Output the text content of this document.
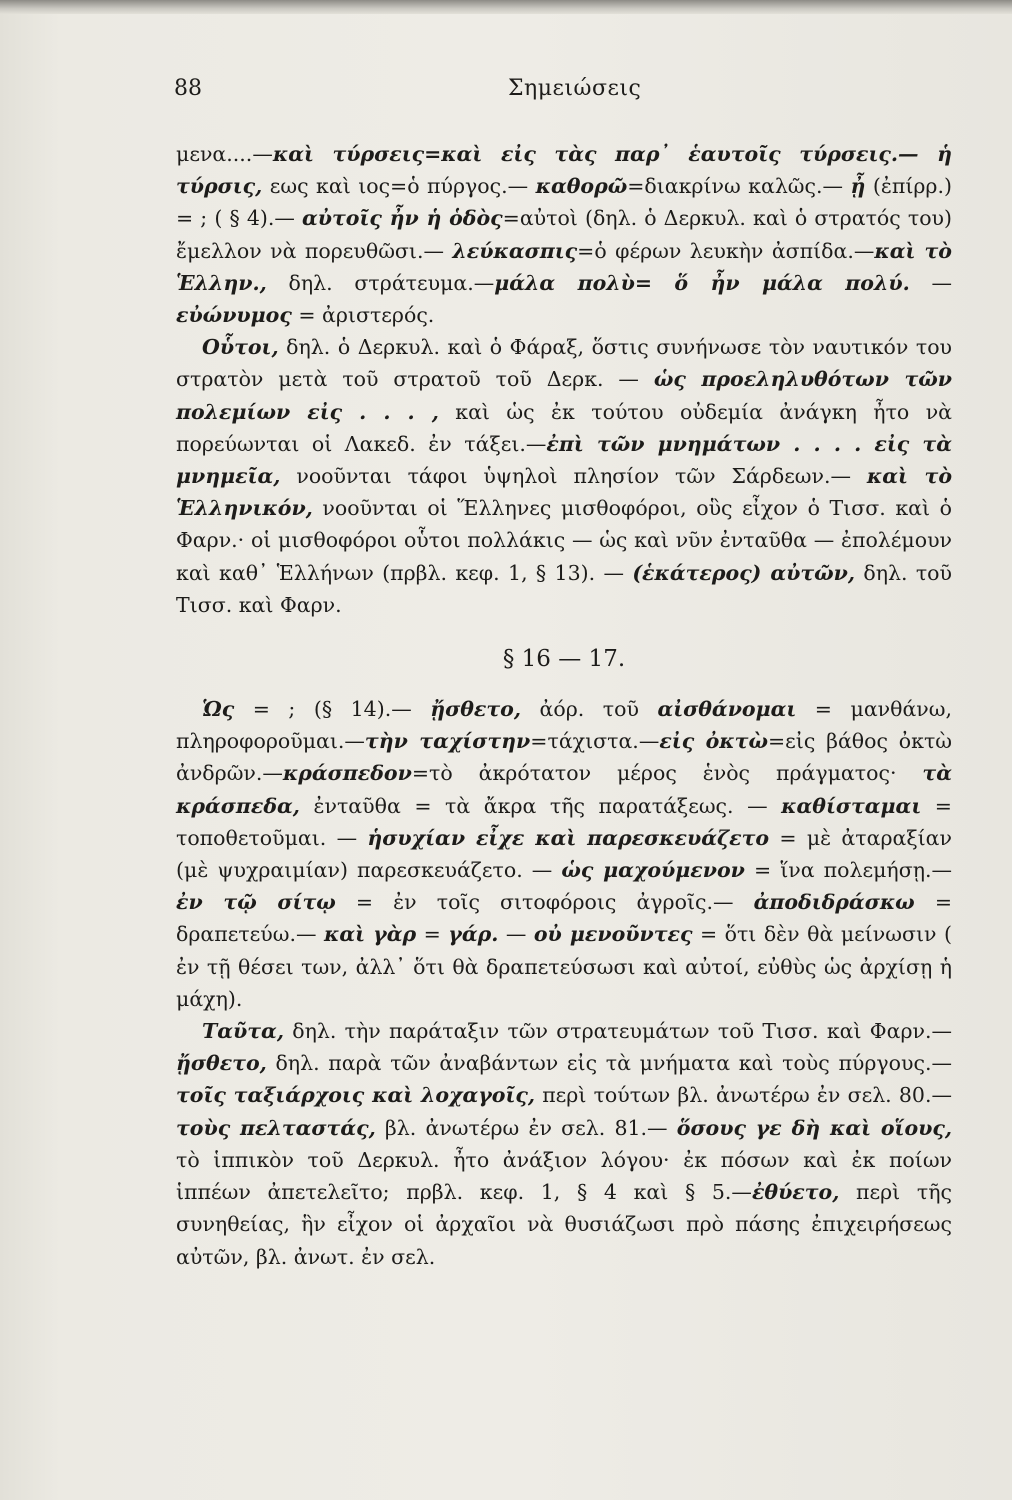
88	Σημειώσεις

μενα....—καὶ τύρσεις=καὶ εἰς τὰς παρ᾿ ἑαυτοῖς τύρσεις.— ἡ τύρσις, εως καὶ ιος=ὁ πύργος.— καθορῶ=διακρίνω καλῶς.— ᾖ (ἐπίρρ.) = ; ( § 4).— αὐτοῖς ἦν ἡ ὁδὸς=αὐτοὶ (δηλ. ὁ Δερκυλ. καὶ ὁ στρατός του) ἔμελλον νὰ πορευθῶσι.— λεύκασπις=ὁ φέρων λευκὴν ἀσπίδα.—καὶ τὸ Ἑλλην., δηλ. στράτευμα.—μάλα πολὺ= ὅ ἦν μάλα πολύ. — εὐώνυμος = ἀριστερός.

Οὗτοι, δηλ. ὁ Δερκυλ. καὶ ὁ Φάραξ, ὅστις συνήνωσε τὸν ναυτικόν του στρατὸν μετὰ τοῦ στρατοῦ τοῦ Δερκ. — ὡς προεληλυθότων τῶν πολεμίων εἰς . . . , καὶ ὡς ἐκ τούτου οὐδεμία ἀνάγκη ἦτο νὰ πορεύωνται οἱ Λακεδ. ἐν τάξει.—ἐπὶ τῶν μνημάτων . . . . εἰς τὰ μνημεῖα, νοοῦνται τάφοι ὑψηλοὶ πλησίον τῶν Σάρδεων.— καὶ τὸ Ἑλληνικόν, νοοῦνται οἱ Ἕλληνες μισθοφόροι, οὓς εἶχον ὁ Τισσ. καὶ ὁ Φαρν.· οἱ μισθοφόροι οὗτοι πολλάκις — ὡς καὶ νῦν ἐνταῦθα — ἐπολέμουν καὶ καθ᾿ Ἑλλήνων (πρβλ. κεφ. 1, § 13). — (ἑκάτερος) αὐτῶν, δηλ. τοῦ Τισσ. καὶ Φαρν.

§ 16 — 17.

Ὡς = ; (§ 14).— ᾔσθετο, ἀόρ. τοῦ αἰσθάνομαι = μανθάνω, πληροφοροῦμαι.—τὴν ταχίστην=τάχιστα.—εἰς ὀκτὼ=εἰς βάθος ὀκτὼ ἀνδρῶν.—κράσπεδον=τὸ ἀκρότατον μέρος ἑνὸς πράγματος· τὰ κράσπεδα, ἐνταῦθα = τὰ ἄκρα τῆς παρατάξεως. — καθίσταμαι = τοποθετοῦμαι. — ἡσυχίαν εἶχε καὶ παρεσκευάζετο = μὲ ἀταραξίαν (μὲ ψυχραιμίαν) παρεσκευάζετο. — ὡς μαχούμενον = ἵνα πολεμήσῃ.—ἐν τῷ σίτῳ = ἐν τοῖς σιτοφόροις ἀγροῖς.— ἀποδιδράσκω = δραπετεύω.— καὶ γὰρ = γάρ. — οὐ μενοῦντες = ὅτι δὲν θὰ μείνωσιν ( ἐν τῇ θέσει των, ἀλλ᾿ ὅτι θὰ δραπετεύσωσι καὶ αὐτοί, εὐθὺς ὡς ἀρχίσῃ ἡ μάχη).

Ταῦτα, δηλ. τὴν παράταξιν τῶν στρατευμάτων τοῦ Τισσ. καὶ Φαρν.—ᾔσθετο, δηλ. παρὰ τῶν ἀναβάντων εἰς τὰ μνήματα καὶ τοὺς πύργους.—τοῖς ταξιάρχοις καὶ λοχαγοῖς, περὶ τούτων βλ. ἀνωτέρω ἐν σελ. 80.—τοὺς πελταστάς, βλ. ἀνωτέρω ἐν σελ. 81.— ὅσους γε δὴ καὶ οἵους, τὸ ἱππικὸν τοῦ Δερκυλ. ἦτο ἀνάξιον λόγου· ἐκ πόσων καὶ ἐκ ποίων ἱππέων ἀπετελεῖτο; πρβλ. κεφ. 1, § 4 καὶ § 5.—ἐθύετο, περὶ τῆς συνηθείας, ἣν εἶχον οἱ ἀρχαῖοι νὰ θυσιάζωσι πρὸ πάσης ἐπιχειρήσεως αὐτῶν, βλ. ἀνωτ. ἐν σελ.
